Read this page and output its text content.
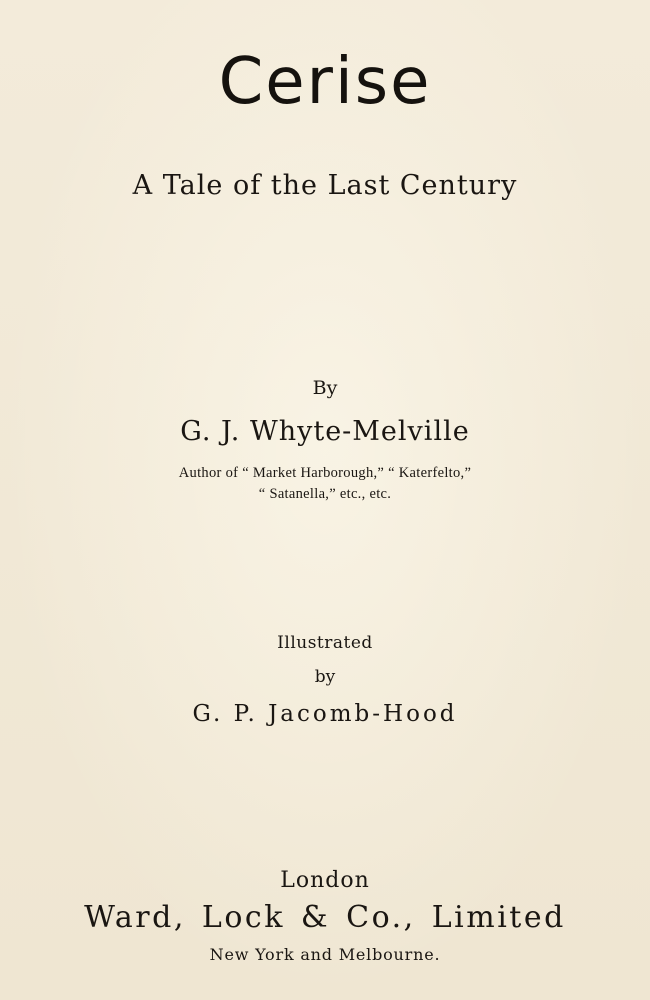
Cerise
A Tale of the Last Century
By
G. J. Whyte-Melville
Author of “ Market Harborough,” “ Katerfelto,”
“ Satanella,” etc., etc.
Illustrated
by
G. P. Jacomb-Hood
London
Ward, Lock & Co., Limited
New York and Melbourne.
